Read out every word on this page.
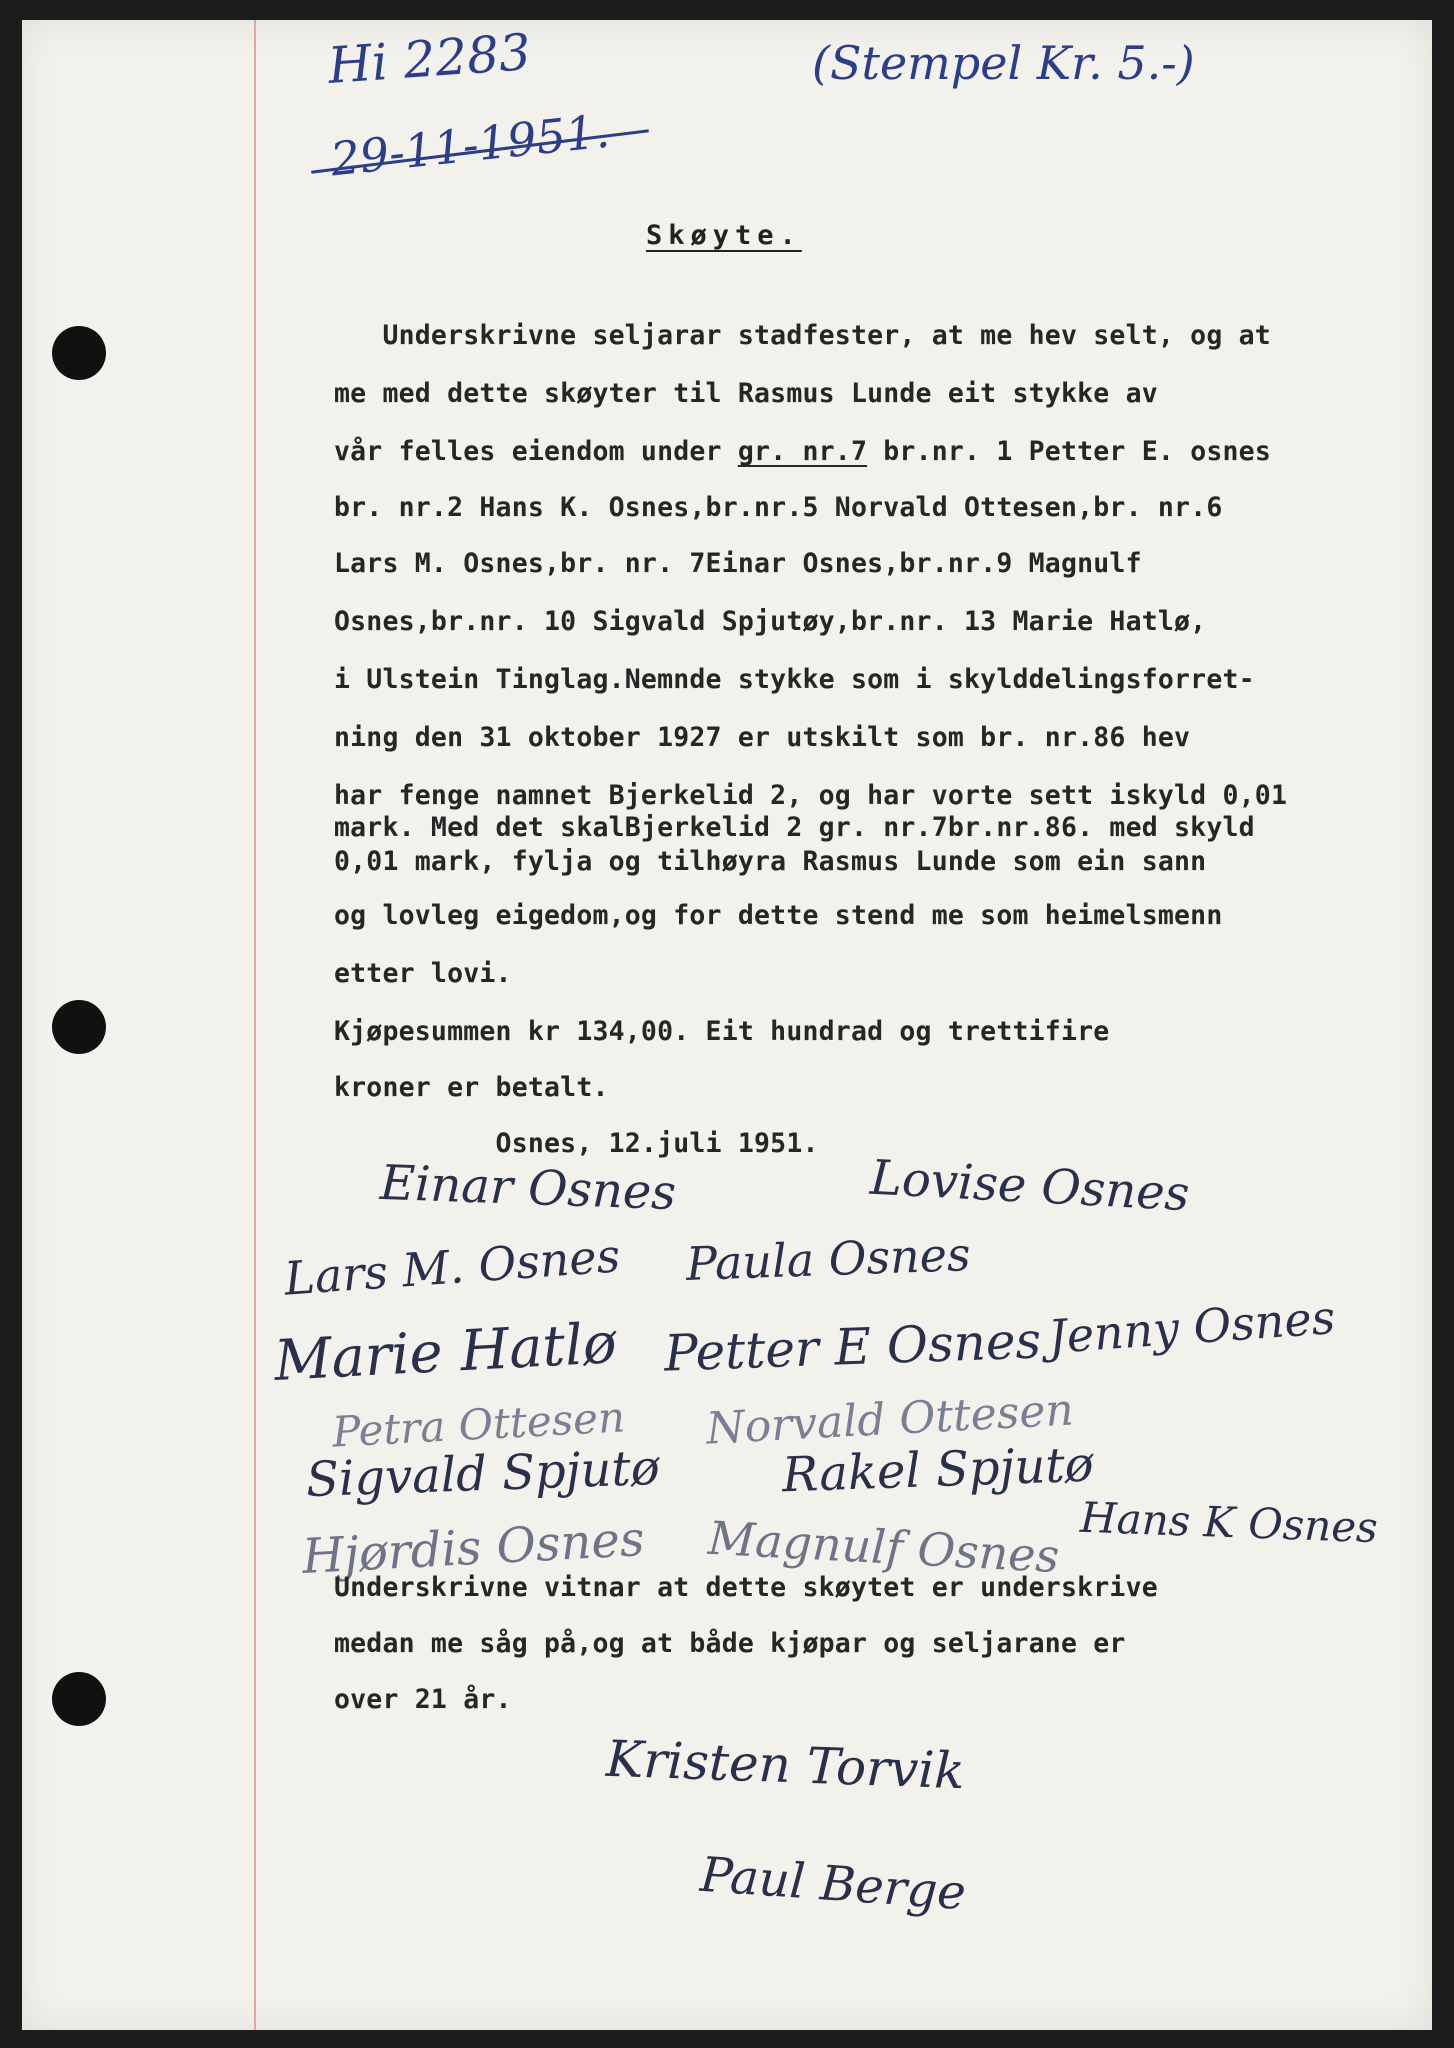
Hi 2283
29-11-1951.
(Stempel Kr. 5.-)
Skøyte.
Underskrivne seljarar stadfester, at me hev selt, og at
me med dette skøyter til Rasmus Lunde eit stykke av
vår felles eiendom under gr. nr.7 br.nr. 1 Petter E. osnes
br. nr.2 Hans K. Osnes,br.nr.5 Norvald Ottesen,br. nr.6
Lars M. Osnes,br. nr. 7Einar Osnes,br.nr.9 Magnulf
Osnes,br.nr. 10 Sigvald Spjutøy,br.nr. 13 Marie Hatlø,
i Ulstein Tinglag.Nemnde stykke som i skylddelingsforret-
ning den 31 oktober 1927 er utskilt som br. nr.86 hev
har fenge namnet Bjerkelid 2, og har vorte sett iskyld 0,01
mark. Med det skalBjerkelid 2 gr. nr.7br.nr.86. med skyld
0,01 mark, fylja og tilhøyra Rasmus Lunde som ein sann
og lovleg eigedom,og for dette stend me som heimelsmenn
etter lovi.
Kjøpesummen kr 134,00. Eit hundrad og trettifire
kroner er betalt.
Osnes, 12.juli 1951.
Einar Osnes	Lovise Osnes
Lars M. Osnes Paula Osnes
Marie Hatlø Petter E Osnes Jenny Osnes
Petra Ottesen Norvald Ottesen
Sigvald Spjutø	Rakel Spjutø
Hans K Osnes
Hjørdis Osnes Magnulf Osnes
Underskrivne vitnar at dette skøytet er underskrive
medan me såg på,og at både kjøpar og seljarane er
over 21 år.
Kristen Torvik
Paul Berge
